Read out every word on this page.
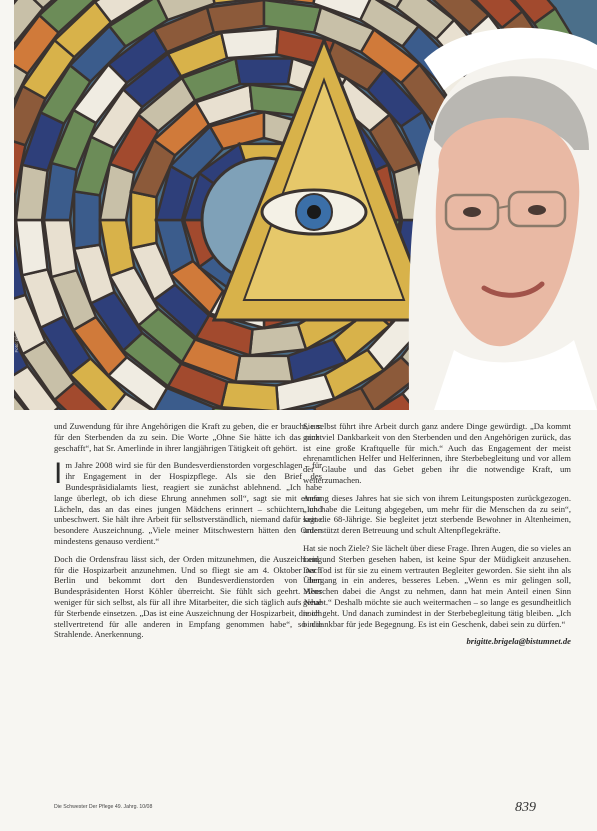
Foto: privat

und Zuwendung für ihre Angehörigen die Kraft zu geben, die er braucht, um für den Sterbenden da zu sein. Die Worte „Ohne Sie hätte ich das nicht geschafft“, hat Sr. Amerlinde in ihrer langjährigen Tätigkeit oft gehört.

I m Jahre 2008 wird sie für den Bundesverdienstorden vorgeschlagen – für ihr Engagement in der Hospizpflege. Als sie den Brief des Bundespräsidialamts liest, reagiert sie zunächst ablehnend. „Ich habe lange überlegt, ob ich diese Ehrung annehmen soll“, sagt sie mit einem Lächeln, das an das eines jungen Mädchens erinnert – schüchtern und unbeschwert. Sie hält ihre Arbeit für selbstverständlich, niemand dafür keine besondere Auszeichnung. „Viele meiner Mitschwestern hätten den Orden mindestens genauso verdient.“

Doch die Ordensfrau lässt sich, der Orden mitzunehmen, die Auszeichnung für die Hospizarbeit anzunehmen. Und so fliegt sie am 4. Oktober nach Berlin und bekommt dort den Bundesverdienstorden von dem Bundespräsidenten Horst Köhler überreicht. Sie fühlt sich geehrt. Aber weniger für sich selbst, als für all ihre Mitarbeiter, die sich täglich aufs Neue für Sterbende einsetzen. „Das ist eine Auszeichnung der Hospizarbeit, die ich stellvertretend für alle anderen in Empfang genommen habe“, so die Strahlende. Anerkennung.

Sie selbst führt ihre Arbeit durch ganz andere Dinge gewürdigt. „Da kommt ganz viel Dankbarkeit von den Sterbenden und den Angehörigen zurück, das ist eine große Kraftquelle für mich.“ Auch das Engagement der meist ehrenamtlichen Helfer und Helferinnen, ihre Sterbebegleitung und vor allem der Glaube und das Gebet geben ihr die notwendige Kraft, um weiterzumachen.

Anfang dieses Jahres hat sie sich von ihrem Leitungsposten zurückgezogen. „Ich habe die Leitung abgegeben, um mehr für die Menschen da zu sein“, sagt die 68-Jährige. Sie begleitet jetzt sterbende Bewohner in Altenheimen, unterstützt deren Betreuung und schult Altenpflegekräfte.

Hat sie noch Ziele? Sie lächelt über diese Frage. Ihren Augen, die so vieles an Leid und Sterben gesehen haben, ist keine Spur der Müdigkeit anzusehen. Der Tod ist für sie zu einem vertrauten Begleiter geworden. Sie sieht ihn als Übergang in ein anderes, besseres Leben. „Wenn es mir gelingen soll, Menschen dabei die Angst zu nehmen, dann hat mein Anteil einen Sinn gehabt.“ Deshalb möchte sie auch weitermachen – so lange es gesundheitlich noch geht. Und danach zumindest in der Sterbebegleitung tätig bleiben. „Ich bin dankbar für jede Begegnung. Es ist ein Geschenk, dabei sein zu dürfen.“

brigitte.brigela@bistumnet.de

Die Schwester Der Pflege 49. Jahrg. 10/08	839
